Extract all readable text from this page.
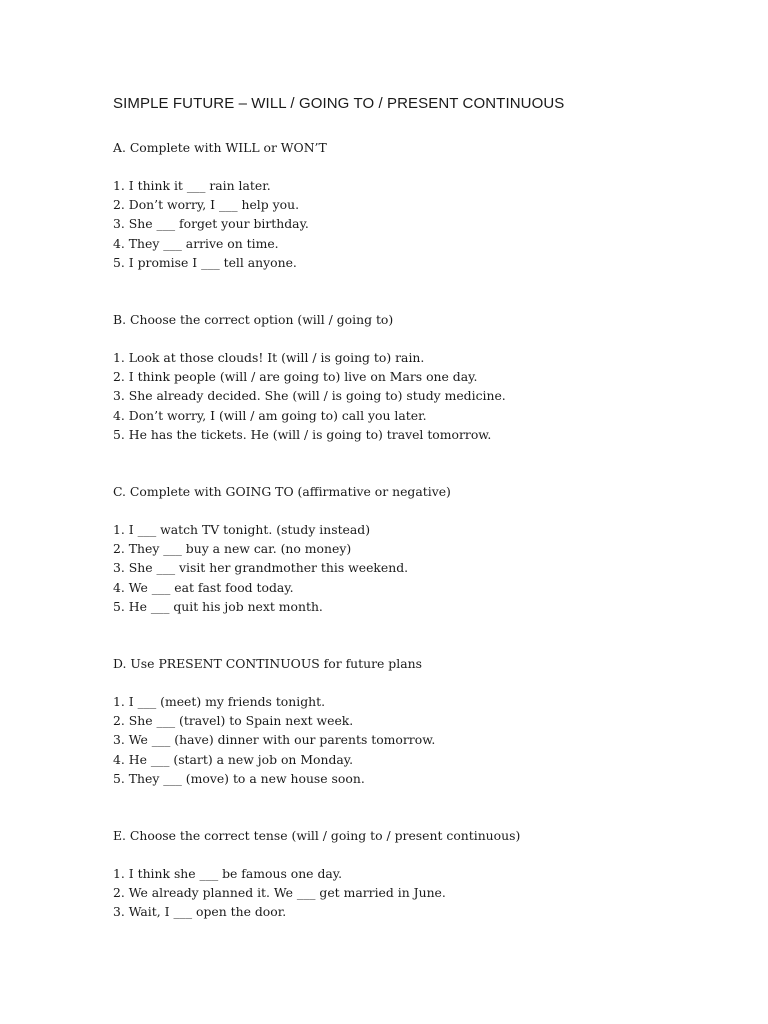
SIMPLE FUTURE – WILL / GOING TO / PRESENT CONTINUOUS

A. Complete with WILL or WON’T

1. I think it ___ rain later.
2. Don’t worry, I ___ help you.
3. She ___ forget your birthday.
4. They ___ arrive on time.
5. I promise I ___ tell anyone.

B. Choose the correct option (will / going to)

1. Look at those clouds! It (will / is going to) rain.
2. I think people (will / are going to) live on Mars one day.
3. She already decided. She (will / is going to) study medicine.
4. Don’t worry, I (will / am going to) call you later.
5. He has the tickets. He (will / is going to) travel tomorrow.

C. Complete with GOING TO (affirmative or negative)

1. I ___ watch TV tonight. (study instead)
2. They ___ buy a new car. (no money)
3. She ___ visit her grandmother this weekend.
4. We ___ eat fast food today.
5. He ___ quit his job next month.

D. Use PRESENT CONTINUOUS for future plans

1. I ___ (meet) my friends tonight.
2. She ___ (travel) to Spain next week.
3. We ___ (have) dinner with our parents tomorrow.
4. He ___ (start) a new job on Monday.
5. They ___ (move) to a new house soon.

E. Choose the correct tense (will / going to / present continuous)

1. I think she ___ be famous one day.
2. We already planned it. We ___ get married in June.
3. Wait, I ___ open the door.
